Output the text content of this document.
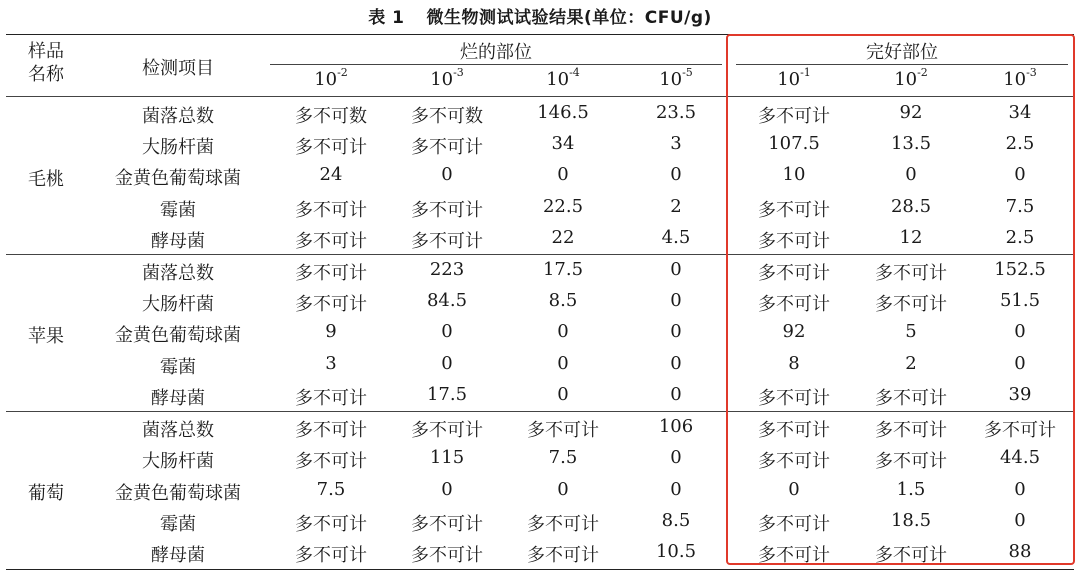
表 1 微生物测试试验结果(单位：CFU/g)
样品
名称	检测项目
烂的部位	完好部位
$10^{-2}$	$10^{-3}$	$10^{-4}$	$10^{-5}$	$10^{-1}$	$10^{-2}$	$10^{-3}$
毛桃
菌落总数	多不可数	多不可数	146.5	23.5	多不可计	92	34
大肠杆菌	多不可计	多不可计	34	3	107.5	13.5	2.5
金黄色葡萄球菌	24	0	0	0	10	0	0
霉菌	多不可计	多不可计	22.5	2	多不可计	28.5	7.5
酵母菌	多不可计	多不可计	22	4.5	多不可计	12	2.5
苹果
菌落总数	多不可计	223	17.5	0	多不可计	多不可计	152.5
大肠杆菌	多不可计	84.5	8.5	0	多不可计	多不可计	51.5
金黄色葡萄球菌	9	0	0	0	92	5	0
霉菌	3	0	0	0	8	2	0
酵母菌	多不可计	17.5	0	0	多不可计	多不可计	39
葡萄
菌落总数	多不可计	多不可计	多不可计	106	多不可计	多不可计	多不可计
大肠杆菌	多不可计	115	7.5	0	多不可计	多不可计	44.5
金黄色葡萄球菌	7.5	0	0	0	0	1.5	0
霉菌	多不可计	多不可计	多不可计	8.5	多不可计	18.5	0
酵母菌	多不可计	多不可计	多不可计	10.5	多不可计	多不可计	88
